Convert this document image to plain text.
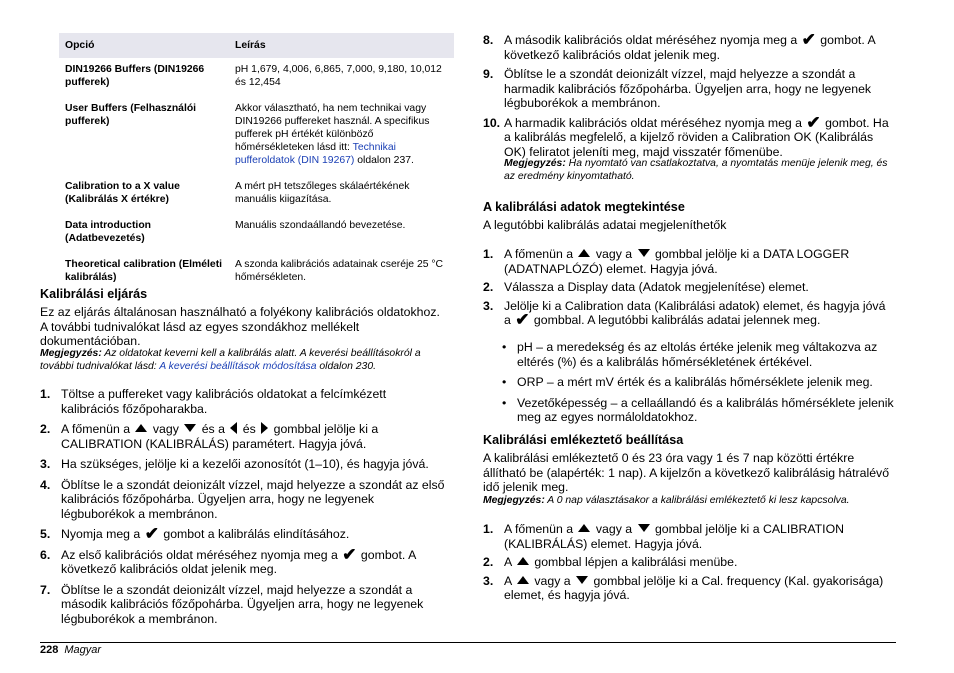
Opció	Leírás
DIN19266 Buffers (DIN19266 pufferek)	pH 1,679, 4,006, 6,865, 7,000, 9,180, 10,012 és 12,454
User Buffers (Felhasználói pufferek)	Akkor választható, ha nem technikai vagy DIN19266 puffereket használ. A specifikus pufferek pH értékét különböző hőmérsékleteken lásd itt: Technikai pufferoldatok (DIN 19267) oldalon 237.
Calibration to a X value (Kalibrálás X értékre)	A mért pH tetszőleges skálaértékének manuális kiigazítása.
Data introduction (Adatbevezetés)	Manuális szondaállandó bevezetése.
Theoretical calibration (Elméleti kalibrálás)	A szonda kalibrációs adatainak cseréje 25 °C hőmérsékleten.
Kalibrálási eljárás
Ez az eljárás általánosan használható a folyékony kalibrációs oldatokhoz. A további tudnivalókat lásd az egyes szondákhoz mellékelt dokumentációban.
Megjegyzés: Az oldatokat keverni kell a kalibrálás alatt. A keverési beállításokról a további tudnivalókat lásd: A keverési beállítások módosítása oldalon 230.
1. Töltse a puffereket vagy kalibrációs oldatokat a felcímkézett kalibrációs főzőpoharakba.
2. A főmenün a  vagy  és a  és  gombbal jelölje ki a CALIBRATION (KALIBRÁLÁS) paramétert. Hagyja jóvá.
3. Ha szükséges, jelölje ki a kezelői azonosítót (1–10), és hagyja jóvá.
4. Öblítse le a szondát deionizált vízzel, majd helyezze a szondát az első kalibrációs főzőpohárba. Ügyeljen arra, hogy ne legyenek légbuborékok a membránon.
5. Nyomja meg a ✔ gombot a kalibrálás elindításához.
6. Az első kalibrációs oldat méréséhez nyomja meg a ✔ gombot. A következő kalibrációs oldat jelenik meg.
7. Öblítse le a szondát deionizált vízzel, majd helyezze a szondát a második kalibrációs főzőpohárba. Ügyeljen arra, hogy ne legyenek légbuborékok a membránon.
8. A második kalibrációs oldat méréséhez nyomja meg a ✔ gombot. A következő kalibrációs oldat jelenik meg.
9. Öblítse le a szondát deionizált vízzel, majd helyezze a szondát a harmadik kalibrációs főzőpohárba. Ügyeljen arra, hogy ne legyenek légbuborékok a membránon.
10. A harmadik kalibrációs oldat méréséhez nyomja meg a ✔ gombot. Ha a kalibrálás megfelelő, a kijelző röviden a Calibration OK (Kalibrálás OK) feliratot jeleníti meg, majd visszatér főmenübe.
Megjegyzés: Ha nyomtató van csatlakoztatva, a nyomtatás menüje jelenik meg, és az eredmény kinyomtatható.
A kalibrálási adatok megtekintése
A legutóbbi kalibrálás adatai megjeleníthetők
1. A főmenün a  vagy a  gombbal jelölje ki a DATA LOGGER (ADATNAPLÓZÓ) elemet. Hagyja jóvá.
2. Válassza a Display data (Adatok megjelenítése) elemet.
3. Jelölje ki a Calibration data (Kalibrálási adatok) elemet, és hagyja jóvá a ✔ gombbal. A legutóbbi kalibrálás adatai jelennek meg.
• pH – a meredekség és az eltolás értéke jelenik meg váltakozva az eltérés (%) és a kalibrálás hőmérsékletének értékével.
• ORP – a mért mV érték és a kalibrálás hőmérséklete jelenik meg.
• Vezetőképesség – a cellaállandó és a kalibrálás hőmérséklete jelenik meg az egyes normáloldatokhoz.
Kalibrálási emlékeztető beállítása
A kalibrálási emlékeztető 0 és 23 óra vagy 1 és 7 nap közötti értékre állítható be (alapérték: 1 nap). A kijelzőn a következő kalibrálásig hátralévő idő jelenik meg.
Megjegyzés: A 0 nap választásakor a kalibrálási emlékeztető ki lesz kapcsolva.
1. A főmenün a  vagy a  gombbal jelölje ki a CALIBRATION (KALIBRÁLÁS) elemet. Hagyja jóvá.
2. A  gombbal lépjen a kalibrálási menübe.
3. A  vagy a  gombbal jelölje ki a Cal. frequency (Kal. gyakorisága) elemet, és hagyja jóvá.
228 Magyar
